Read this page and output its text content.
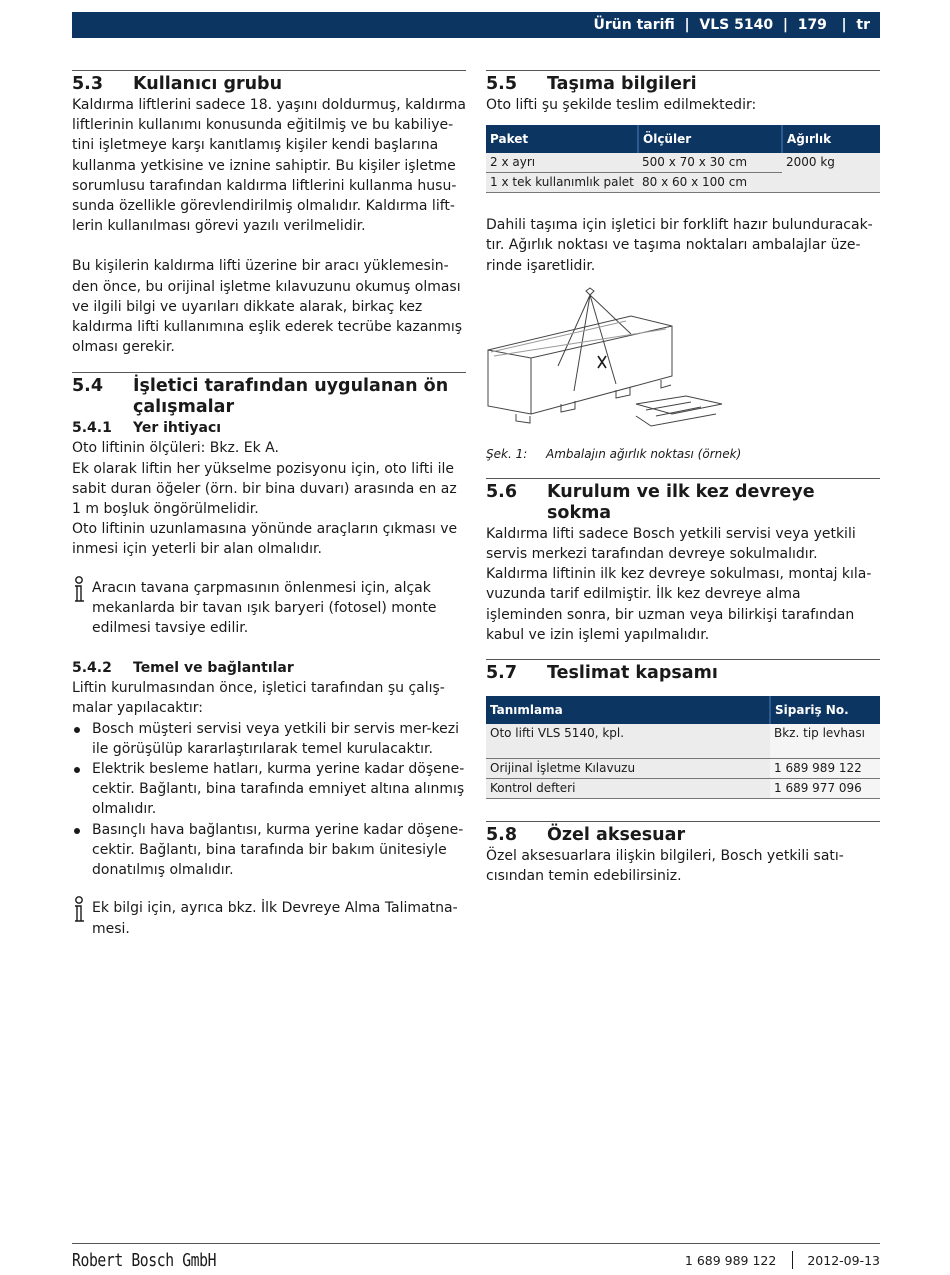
Ürün tarifi  |  VLS 5140  |  179   |  tr
5.3	Kullanıcı grubu

Kaldırma liftlerini sadece 18. yaşını doldurmuş, kaldırma liftlerinin kullanımı konusunda eğitilmiş ve bu kabiliye-tini işletmeye karşı kanıtlamış kişiler kendi başlarına kullanma yetkisine ve iznine sahiptir. Bu kişiler işletme sorumlusu tarafından kaldırma liftlerini kullanma husu-sunda özellikle görevlendirilmiş olmalıdır. Kaldırma lift-lerin kullanılması görevi yazılı verilmelidir.

Bu kişilerin kaldırma lifti üzerine bir aracı yüklemesin-den önce, bu orijinal işletme kılavuzunu okumuş olması ve ilgili bilgi ve uyarıları dikkate alarak, birkaç kez kaldırma lifti kullanımına eşlik ederek tecrübe kazanmış olması gerekir.

5.4	İşletici tarafından uygulanan ön çalışmalar
5.4.1	Yer ihtiyacı

Oto liftinin ölçüleri: Bkz. Ek A.

Ek olarak liftin her yükselme pozisyonu için, oto lifti ile sabit duran öğeler (örn. bir bina duvarı) arasında en az 1 m boşluk öngörülmelidir.

Oto liftinin uzunlamasına yönünde araçların çıkması ve inmesi için yeterli bir alan olmalıdır.

Aracın tavana çarpmasının önlenmesi için, alçak mekanlarda bir tavan ışık baryeri (fotosel) monte edilmesi tavsiye edilir.
5.4.2	Temel ve bağlantılar

Liftin kurulmasından önce, işletici tarafından şu çalış-malar yapılacaktır:

Bosch müşteri servisi veya yetkili bir servis mer-kezi ile görüşülüp kararlaştırılarak temel kurulacaktır.
Elektrik besleme hatları, kurma yerine kadar döşene-cektir. Bağlantı, bina tarafında emniyet altına alınmış olmalıdır.
Basınçlı hava bağlantısı, kurma yerine kadar döşene-cektir. Bağlantı, bina tarafında bir bakım ünitesiyle donatılmış olmalıdır.
Ek bilgi için, ayrıca bkz. İlk Devreye Alma Talimatna-mesi.
5.5	Taşıma bilgileri

Oto lifti şu şekilde teslim edilmektedir:

Paket	Ölçüler	Ağırlık
2 x ayrı	500 x 70 x 30 cm	2000 kg
1 x tek kullanımlık palet	80 x 60 x 100 cm	

Dahili taşıma için işletici bir forklift hazır bulunduracak-tır. Ağırlık noktası ve taşıma noktaları ambalajlar üze-rinde işaretlidir.

Şek. 1:	Ambalajın ağırlık noktası (örnek)
5.6	Kurulum ve ilk kez devreye sokma

Kaldırma lifti sadece Bosch yetkili servisi veya yetkili servis merkezi tarafından devreye sokulmalıdır. Kaldırma liftinin ilk kez devreye sokulması, montaj kıla-vuzunda tarif edilmiştir. İlk kez devreye alma işleminden sonra, bir uzman veya bilirkişi tarafından kabul ve izin işlemi yapılmalıdır.

5.7	Teslimat kapsamı
Tanımlama	Sipariş No.
Oto lifti VLS 5140, kpl.	Bkz. tip levhası
Orijinal İşletme Kılavuzu	1 689 989 122
Kontrol defteri	1 689 977 096
5.8	Özel aksesuar

Özel aksesuarlara ilişkin bilgileri, Bosch yetkili satı-cısından temin edebilirsiniz.

Robert Bosch GmbH	1 689 989 122 2012-09-13
